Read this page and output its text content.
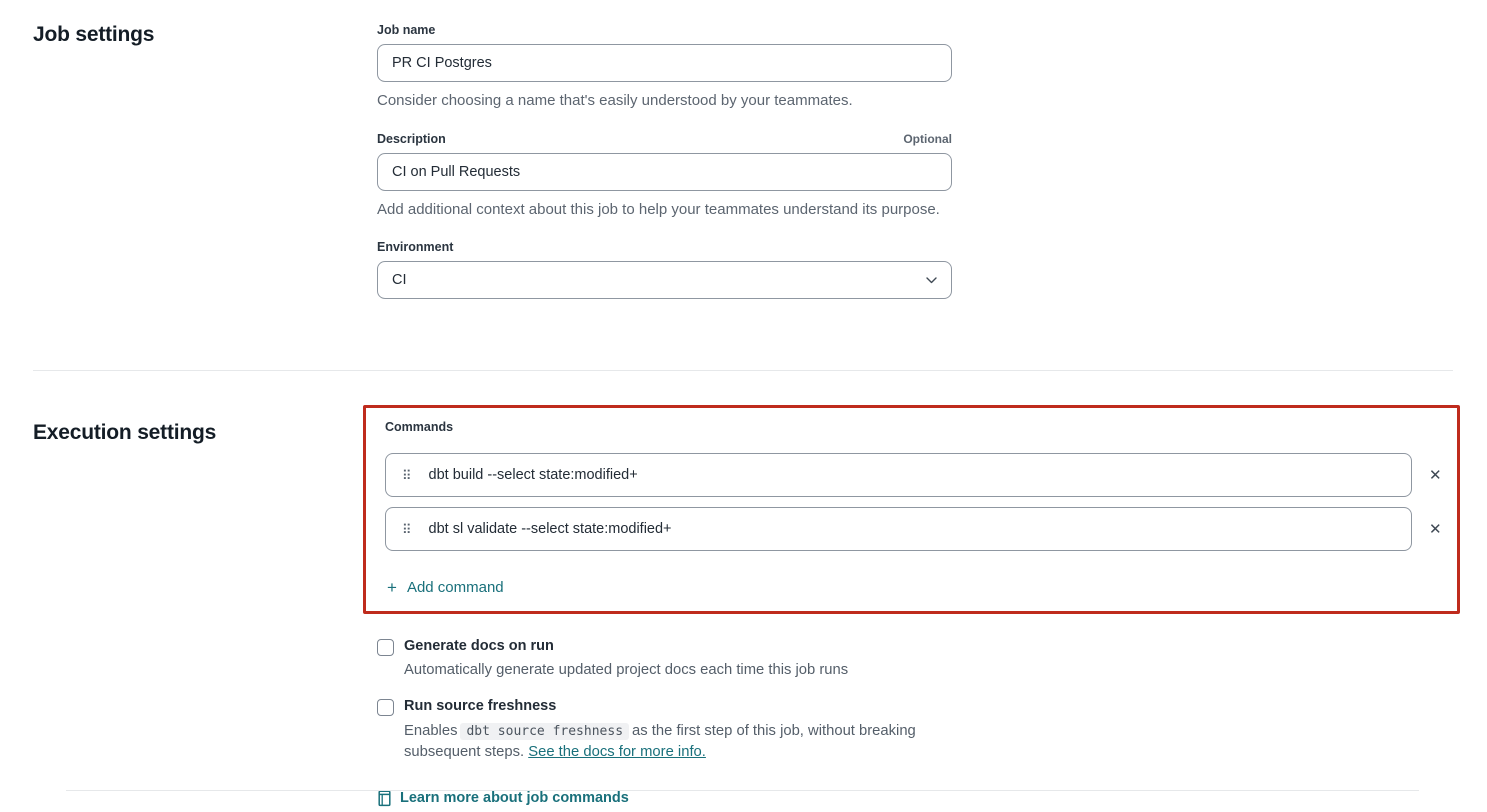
Job settings	Job name
PR CI Postgres
Consider choosing a name that's easily understood by your teammates.
Description	Optional
CI on Pull Requests
Add additional context about this job to help your teammates understand its purpose.
Environment
CI
Execution settings	Commands
⠿ dbt build --select state:modified+	✕
⠿ dbt sl validate --select state:modified+	✕
+ Add command
Generate docs on run
Automatically generate updated project docs each time this job runs
Run source freshness
Enables dbt source freshness as the first step of this job, without breaking subsequent steps. See the docs for more info.
Learn more about job commands
